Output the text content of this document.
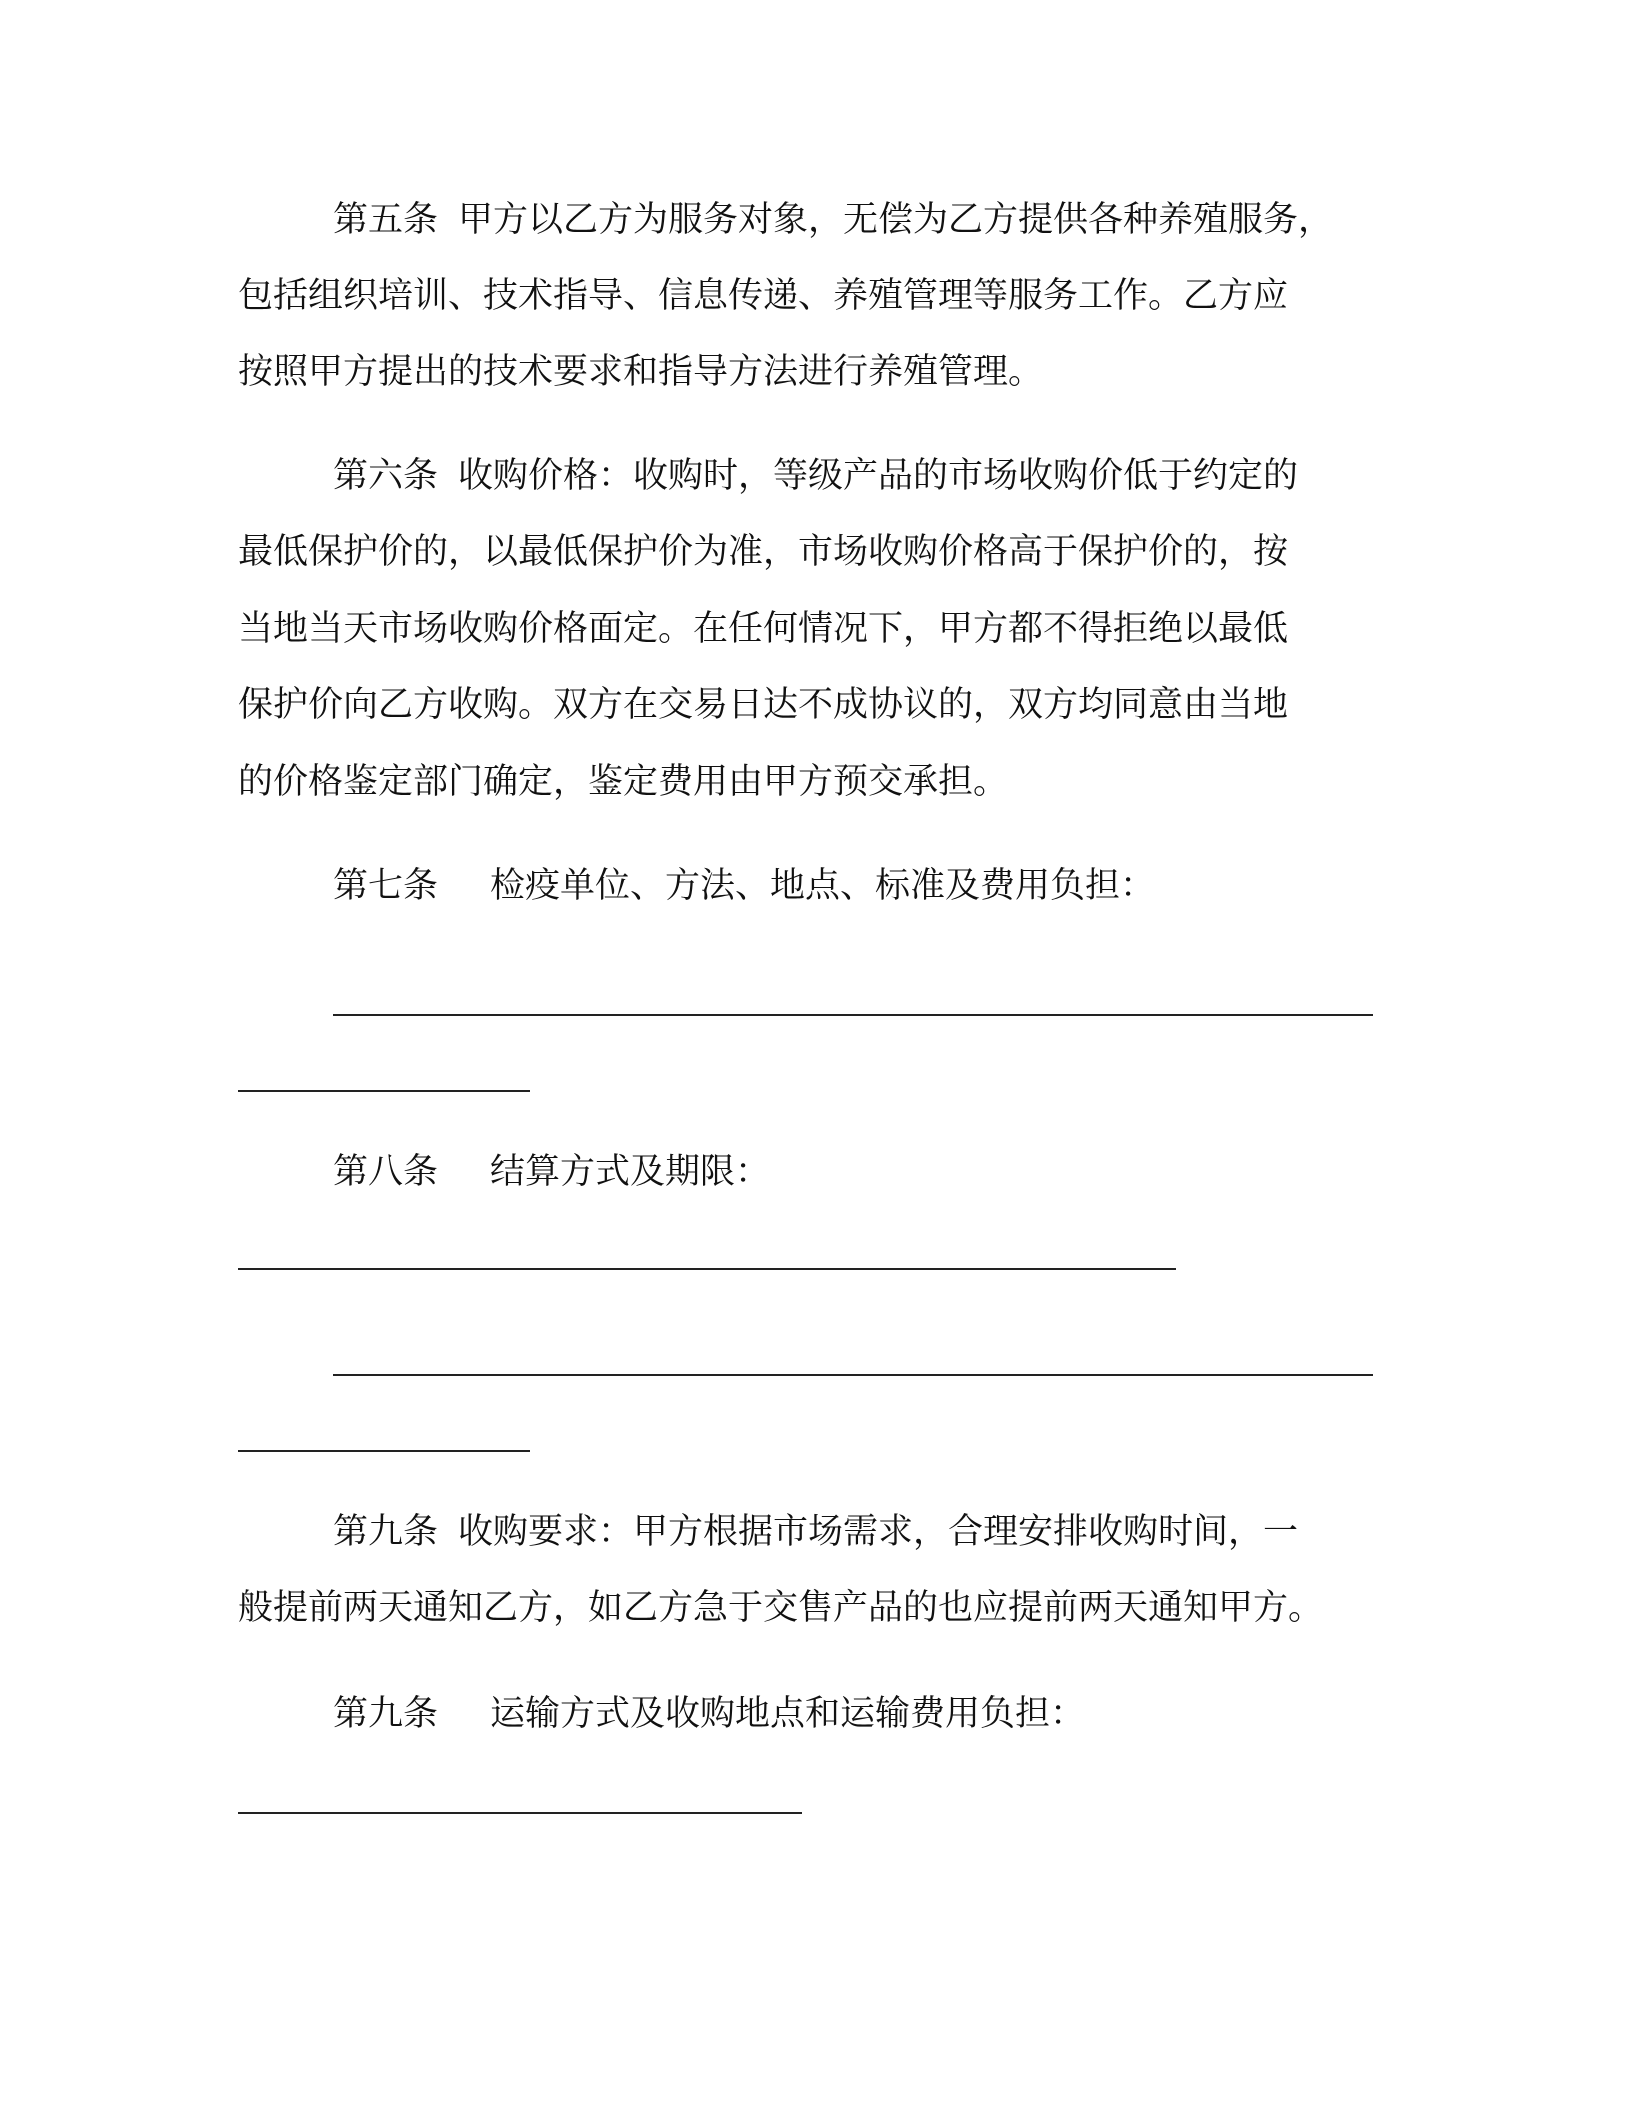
第五条 甲方以乙方为服务对象，无偿为乙方提供各种养殖服务，
包括组织培训、技术指导、信息传递、养殖管理等服务工作。乙方应
按照甲方提出的技术要求和指导方法进行养殖管理。
第六条 收购价格：收购时，等级产品的市场收购价低于约定的
最低保护价的，以最低保护价为准，市场收购价格高于保护价的，按
当地当天市场收购价格面定。在任何情况下，甲方都不得拒绝以最低
保护价向乙方收购。双方在交易日达不成协议的，双方均同意由当地
的价格鉴定部门确定，鉴定费用由甲方预交承担。
第七条 检疫单位、方法、地点、标准及费用负担：
第八条 结算方式及期限：
第九条 收购要求：甲方根据市场需求，合理安排收购时间，一
般提前两天通知乙方，如乙方急于交售产品的也应提前两天通知甲方。
第九条 运输方式及收购地点和运输费用负担：
